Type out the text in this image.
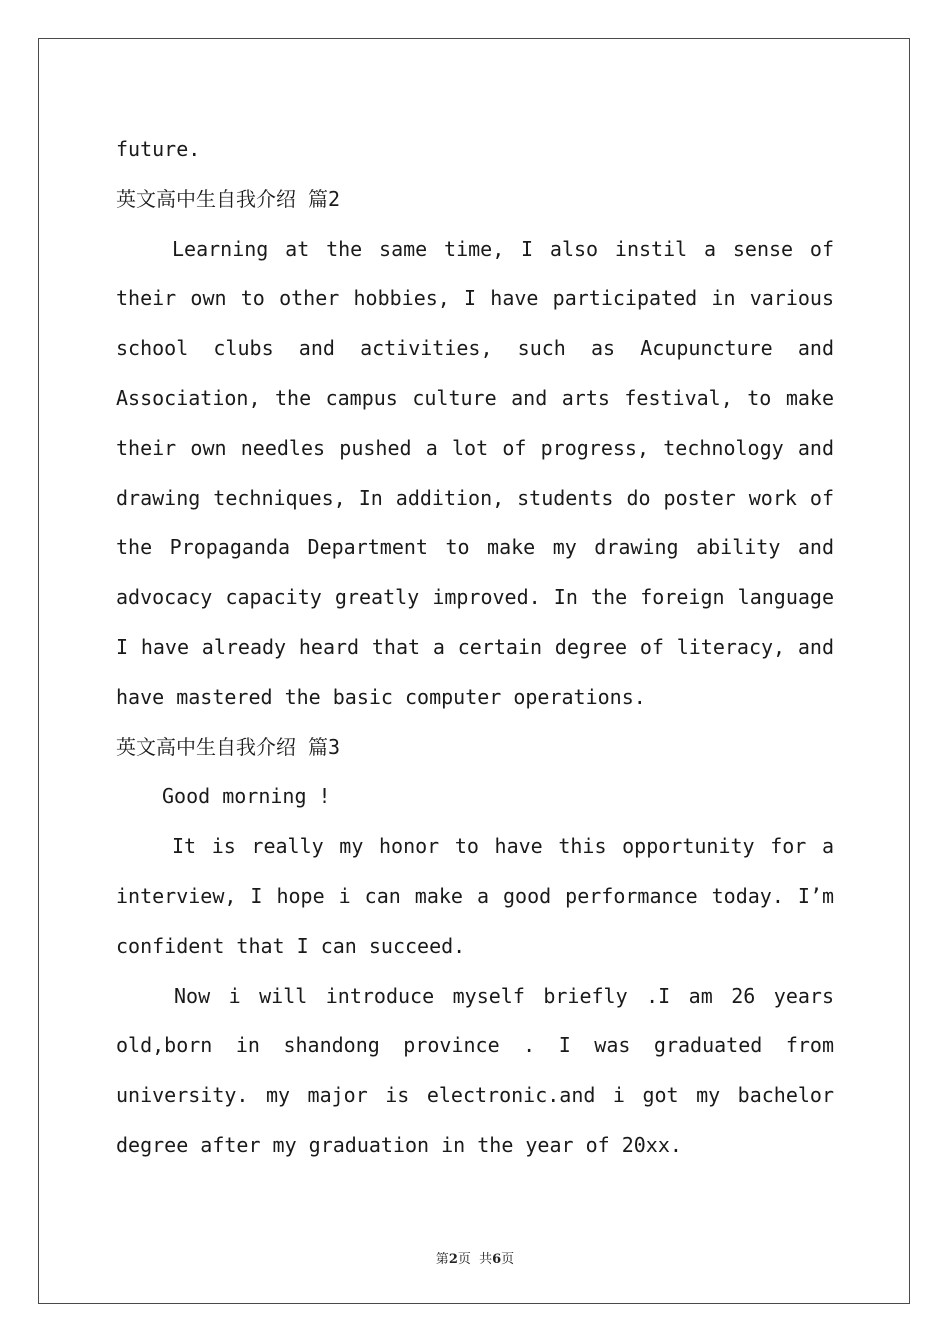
future.
英文高中生自我介绍 篇2
Learning at the same time, I also instil a sense of
their own to other hobbies, I have participated in various
school clubs and activities, such as Acupuncture and
Association, the campus culture and arts festival, to make
their own needles pushed a lot of progress, technology and
drawing techniques, In addition, students do poster work of
the Propaganda Department to make my drawing ability and
advocacy capacity greatly improved. In the foreign language
I have already heard that a certain degree of literacy, and
have mastered the basic computer operations.
英文高中生自我介绍 篇3
Good morning !
It is really my honor to have this opportunity for a
interview, I hope i can make a good performance today. I’m
confident that I can succeed.
Now i will introduce myself briefly .I am 26 years
old,born in shandong province . I was graduated from
university. my major is electronic.and i got my bachelor
degree after my graduation in the year of 20xx.
第2页  共6页
